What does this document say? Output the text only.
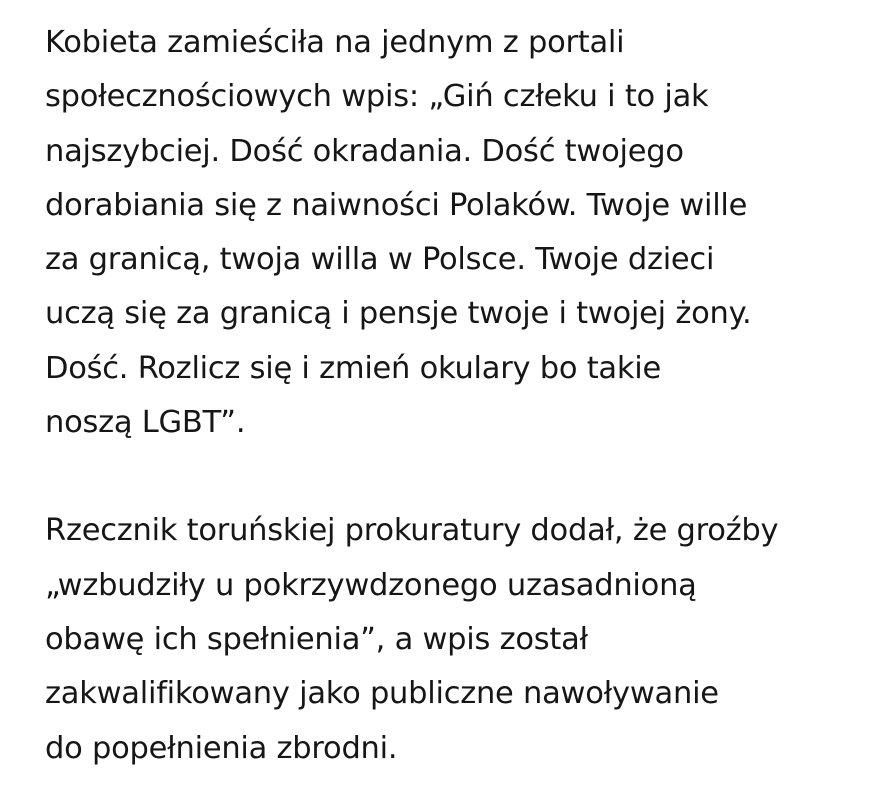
Kobieta zamieściła na jednym z portali
społecznościowych wpis: „Giń człeku i to jak
najszybciej. Dość okradania. Dość twojego
dorabiania się z naiwności Polaków. Twoje wille
za granicą, twoja willa w Polsce. Twoje dzieci
uczą się za granicą i pensje twoje i twojej żony.
Dość. Rozlicz się i zmień okulary bo takie
noszą LGBT”.

Rzecznik toruńskiej prokuratury dodał, że groźby
„wzbudziły u pokrzywdzonego uzasadnioną
obawę ich spełnienia”, a wpis został
zakwalifikowany jako publiczne nawoływanie
do popełnienia zbrodni.
